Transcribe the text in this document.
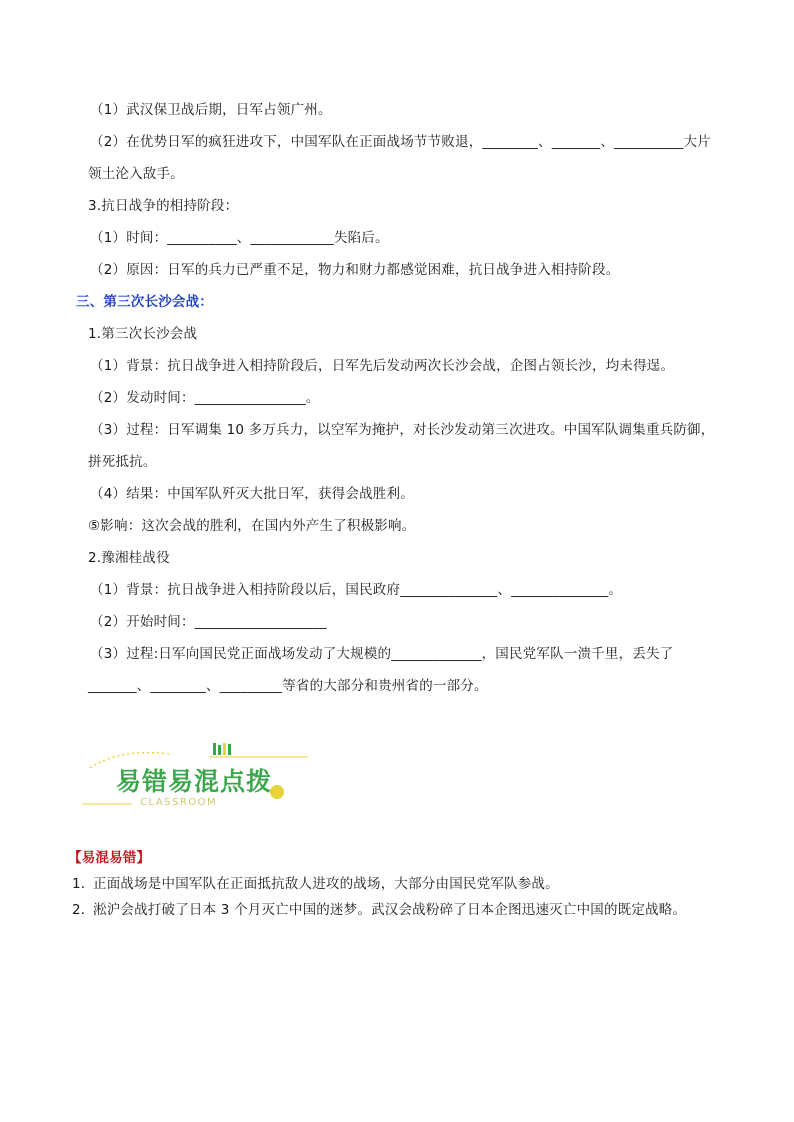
（1）武汉保卫战后期，日军占领广州。
（2）在优势日军的疯狂进攻下，中国军队在正面战场节节败退，________、_______、__________大片
领土沦入敌手。
3.抗日战争的相持阶段：
（1）时间：__________、____________失陷后。
（2）原因：日军的兵力已严重不足，物力和财力都感觉困难，抗日战争进入相持阶段。
三、第三次长沙会战：
1.第三次长沙会战
（1）背景：抗日战争进入相持阶段后，日军先后发动两次长沙会战，企图占领长沙，均未得逞。
（2）发动时间：________________。
（3）过程：日军调集 10 多万兵力，以空军为掩护，对长沙发动第三次进攻。中国军队调集重兵防御，
拼死抵抗。
（4）结果：中国军队歼灭大批日军，获得会战胜利。
⑤影响：这次会战的胜利，在国内外产生了积极影响。
2.豫湘桂战役
（1）背景：抗日战争进入相持阶段以后，国民政府______________、______________。
（2）开始时间：___________________
（3）过程:日军向国民党正面战场发动了大规模的_____________，国民党军队一溃千里，丢失了
_______、________、_________等省的大部分和贵州省的一部分。
易错易混点拨
CLASSROOM
【易混易错】
1．
正面战场是中国军队在正面抵抗敌人进攻的战场，大部分由国民党军队参战。
2．
淞沪会战打破了日本 3 个月灭亡中国的迷梦。武汉会战粉碎了日本企图迅速灭亡中国的既定战略。
